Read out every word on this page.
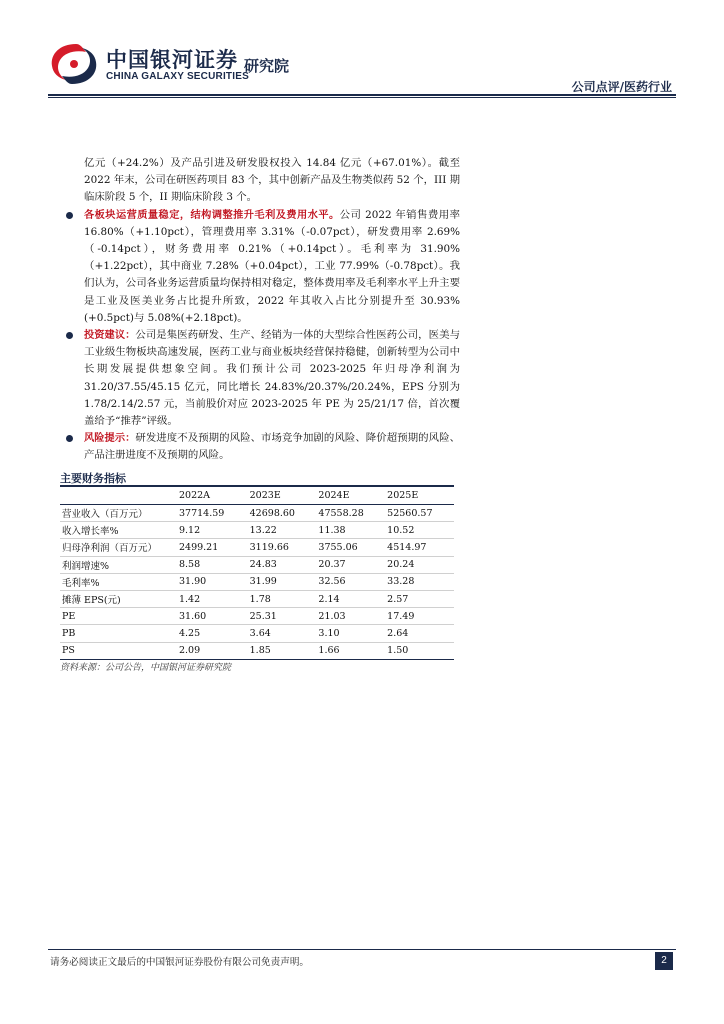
中国银河证券
CHINA GALAXY SECURITIES
研究院
公司点评/医药行业

亿元（+24.2%）及产品引进及研发股权投入 14.84 亿元（+67.01%）。截至 2022 年末，公司在研医药项目 83 个，其中创新产品及生物类似药 52 个，III 期临床阶段 5 个，II 期临床阶段 3 个。

各板块运营质量稳定，结构调整推升毛利及费用水平。公司 2022 年销售费用率 16.80%（+1.10pct），管理费用率 3.31%（-0.07pct），研发费用率 2.69%（-0.14pct），财务费用率 0.21%（+0.14pct）。毛利率为 31.90%（+1.22pct），其中商业 7.28%（+0.04pct），工业 77.99%（-0.78pct）。我们认为，公司各业务运营质量均保持相对稳定，整体费用率及毛利率水平上升主要是工业及医美业务占比提升所致，2022 年其收入占比分别提升至 30.93%(+0.5pct)与 5.08%(+2.18pct)。

投资建议：公司是集医药研发、生产、经销为一体的大型综合性医药公司，医美与工业级生物板块高速发展，医药工业与商业板块经营保持稳健，创新转型为公司中长期发展提供想象空间。我们预计公司 2023-2025 年归母净利润为 31.20/37.55/45.15 亿元，同比增长 24.83%/20.37%/20.24%，EPS 分别为 1.78/2.14/2.57 元，当前股价对应 2023-2025 年 PE 为 25/21/17 倍，首次覆盖给予“推荐”评级。

风险提示：研发进度不及预期的风险、市场竞争加剧的风险、降价超预期的风险、产品注册进度不及预期的风险。

主要财务指标
	2022A	2023E	2024E	2025E
营业收入（百万元）	37714.59	42698.60	47558.28	52560.57
收入增长率%	9.12	13.22	11.38	10.52
归母净利润（百万元）	2499.21	3119.66	3755.06	4514.97
利润增速%	8.58	24.83	20.37	20.24
毛利率%	31.90	31.99	32.56	33.28
摊薄 EPS(元)	1.42	1.78	2.14	2.57
PE	31.60	25.31	21.03	17.49
PB	4.25	3.64	3.10	2.64
PS	2.09	1.85	1.66	1.50
资料来源：公司公告，中国银河证券研究院
请务必阅读正文最后的中国银河证券股份有限公司免责声明。	2
